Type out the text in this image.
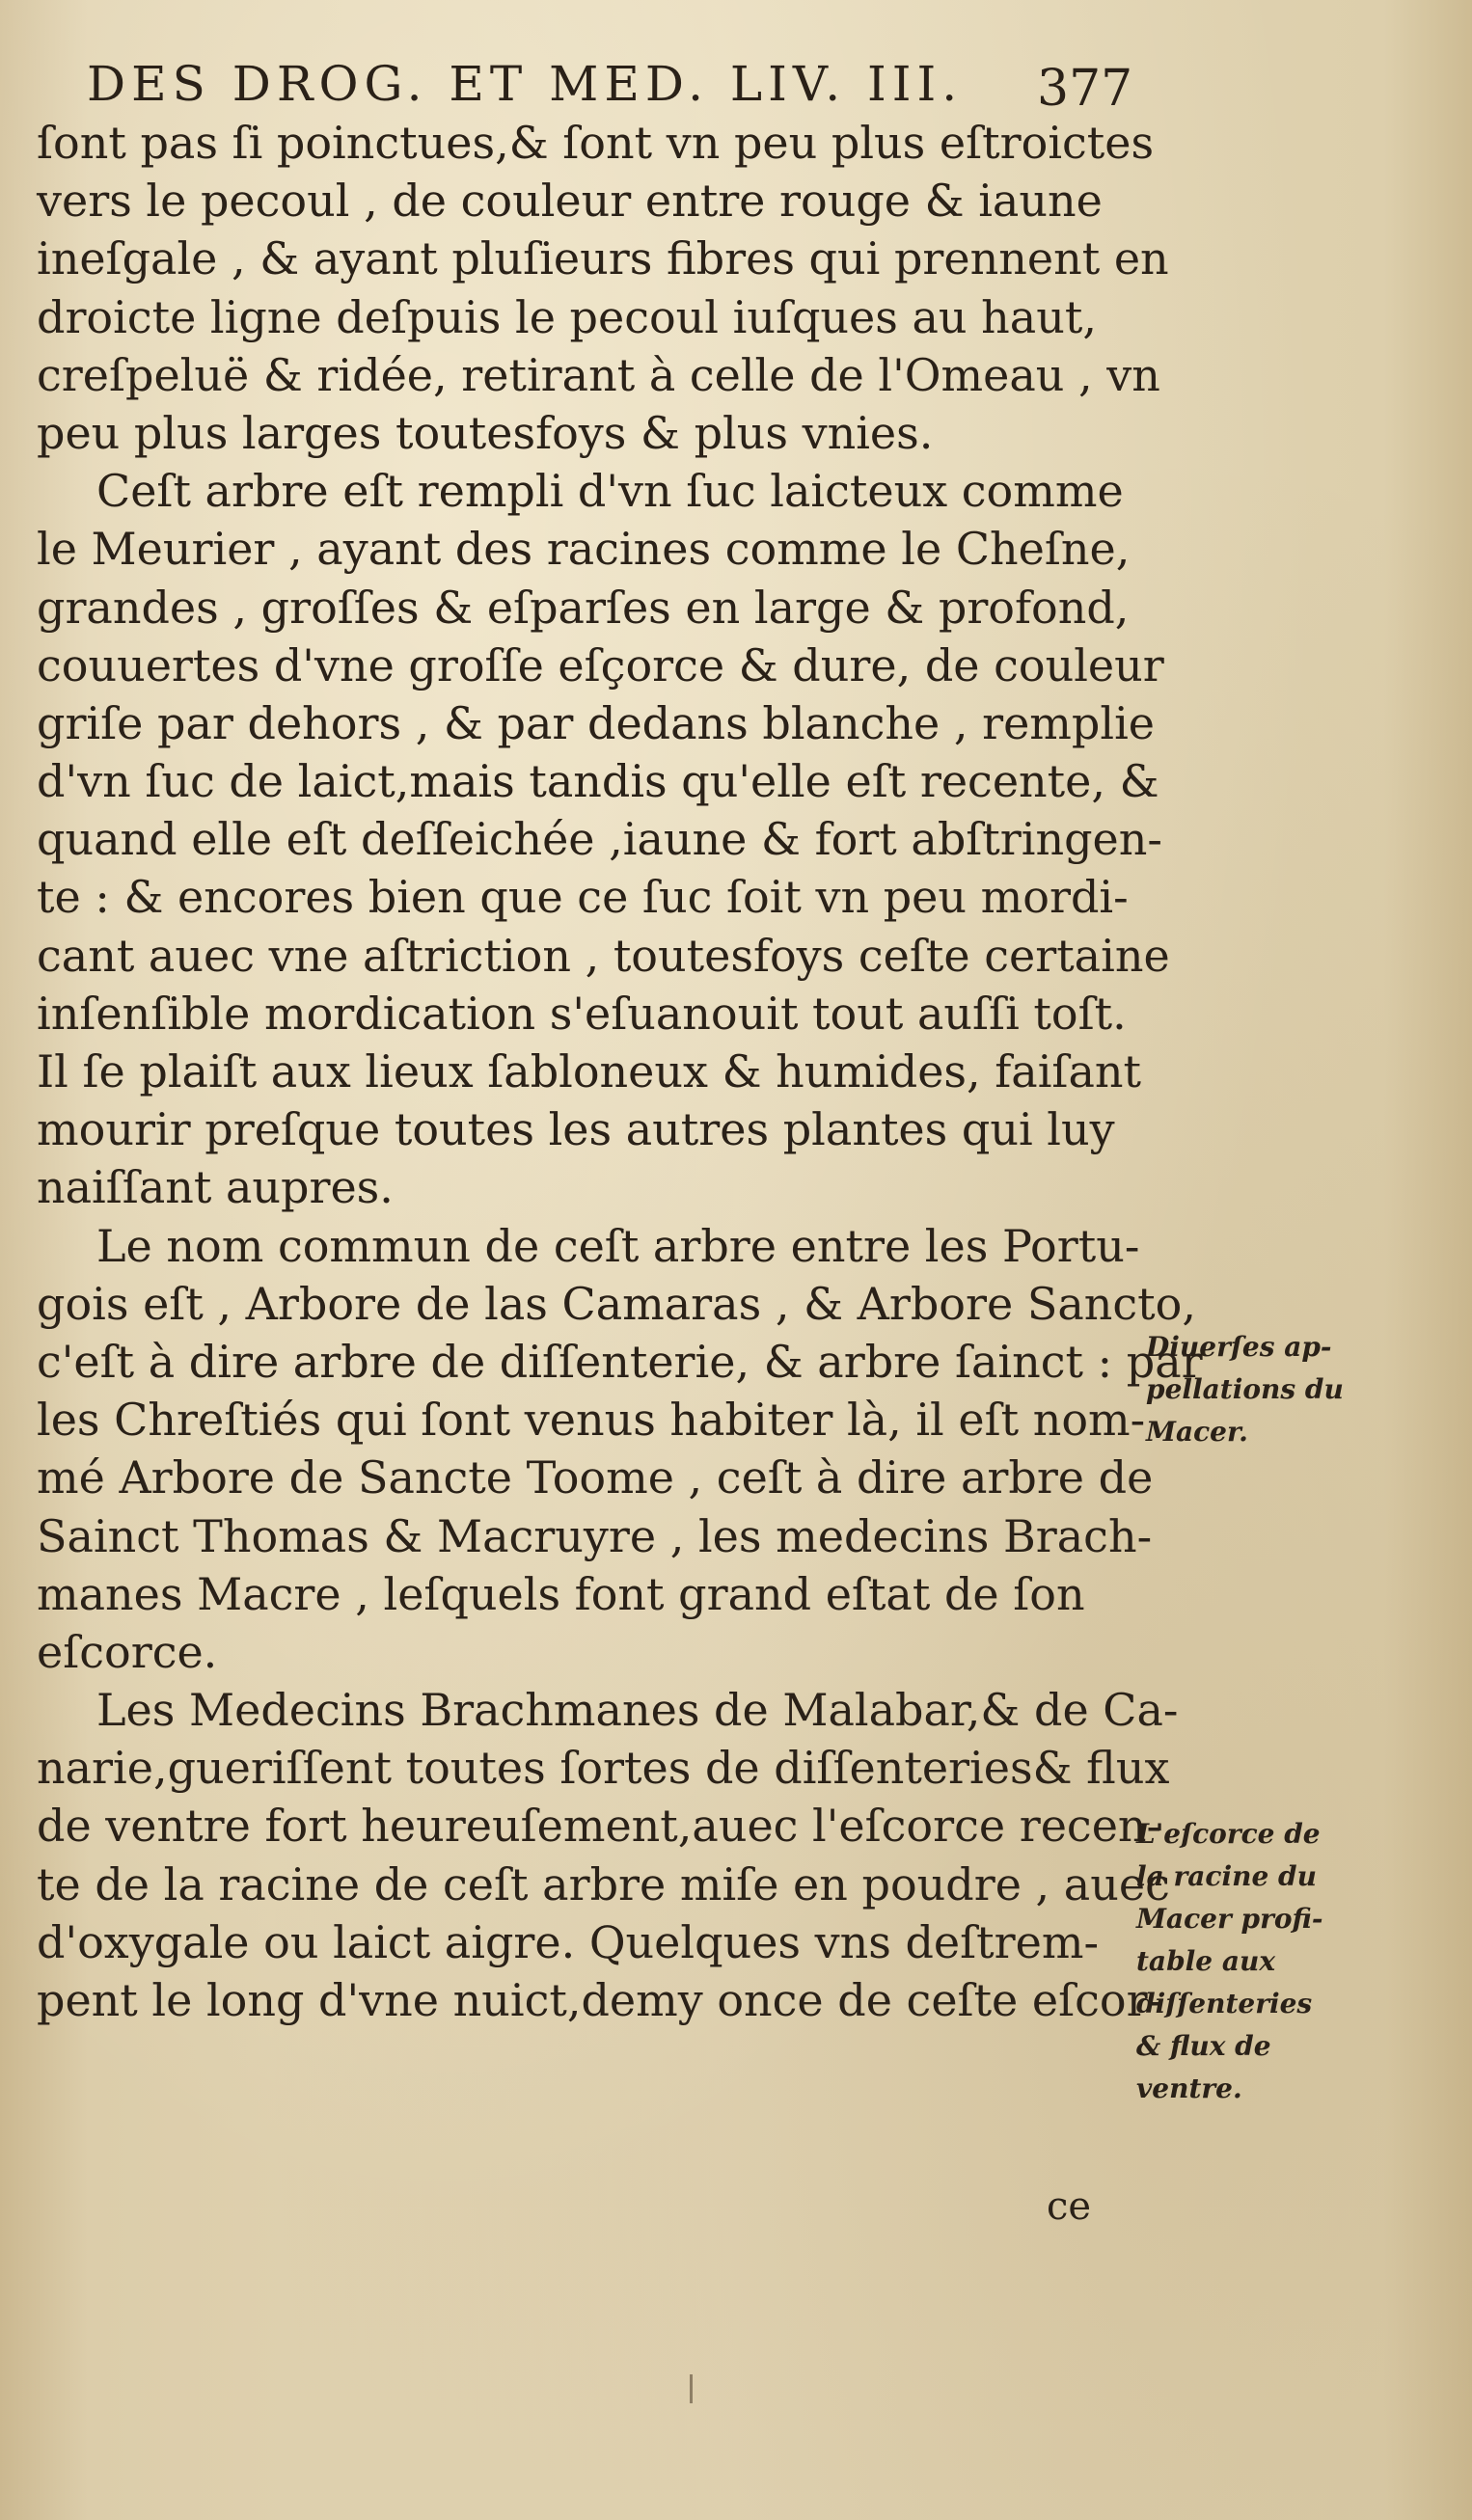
DES DROG. ET MED. LIV. III.	377
ſont pas ſi poinctues,& ſont vn peu plus eſtroictes
vers le pecoul , de couleur entre rouge & iaune
ineſgale , & ayant pluſieurs fibres qui prennent en
droicte ligne deſpuis le pecoul iuſques au haut,
creſpeluë & ridée, retirant à celle de l'Omeau , vn
peu plus larges toutesfoys & plus vnies.
Ceſt arbre eſt rempli d'vn ſuc laicteux comme
le Meurier , ayant des racines comme le Cheſne,
grandes , groſſes & eſparſes en large & profond,
couuertes d'vne groſſe eſçorce & dure, de couleur
griſe par dehors , & par dedans blanche , remplie
d'vn ſuc de laict,mais tandis qu'elle eſt recente, &
quand elle eſt deſſeichée ,iaune & fort abſtringen-
te : & encores bien que ce ſuc ſoit vn peu mordi-
cant auec vne aſtriction , toutesfoys ceſte certaine
inſenſible mordication s'eſuanouit tout auſſi toſt.
Il ſe plaiſt aux lieux ſabloneux & humides, faiſant
mourir preſque toutes les autres plantes qui luy
naiſſant aupres.
Le nom commun de ceſt arbre entre les Portu-
gois eſt , Arbore de las Camaras , & Arbore Sancto,
c'eſt à dire arbre de diſſenterie, & arbre ſainct : par
les Chreſtiés qui ſont venus habiter là, il eſt nom-
mé Arbore de Sancte Toome , ceſt à dire arbre de
Sainct Thomas & Macruyre , les medecins Brach-
manes Macre , leſquels font grand eſtat de ſon
eſcorce.
Les Medecins Brachmanes de Malabar,& de Ca-
narie,gueriſſent toutes ſortes de diſſenteries& flux
de ventre fort heureuſement,auec l'eſcorce recen-
te de la racine de ceſt arbre miſe en poudre , auec
d'oxygale ou laict aigre. Quelques vns deſtrem-
pent le long d'vne nuict,demy once de ceſte eſcor-
ce
Diuerſes ap-
pellations du
Macer.
L'eſcorce de
la racine du
Macer profi-
table aux
diſſenteries
& flux de
ventre.
